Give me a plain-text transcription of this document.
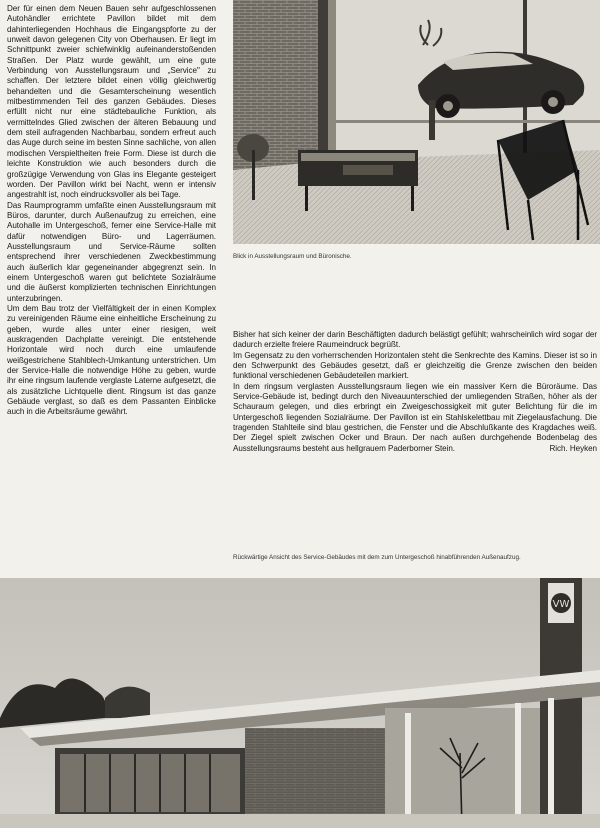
Der für einen dem Neuen Bauen sehr aufgeschlossenen Autohändler errichtete Pavillon bildet mit dem dahinterliegenden Hochhaus die Eingangspforte zu der unweit davon gelegenen City von Oberhausen. Er liegt im Schnittpunkt zweier schiefwinklig aufeinanderstoßenden Straßen. Der Platz wurde gewählt, um eine gute Verbindung von Ausstellungsraum und „Service" zu schaffen. Der letztere bildet einen völlig gleichwertig behandelten und die Gesamterscheinung wesentlich mitbestimmenden Teil des ganzen Gebäudes. Dieses erfüllt nicht nur eine städtebauliche Funktion, als vermittelndes Glied zwischen der älteren Bebauung und dem steil aufragenden Nachbarbau, sondern erfreut auch das Auge durch seine im besten Sinne sachliche, von allen modischen Verspieltheiten freie Form. Diese ist durch die leichte Konstruktion wie auch besonders durch die großzügige Verwendung von Glas ins Elegante gesteigert worden. Der Pavillon wirkt bei Nacht, wenn er intensiv angestrahlt ist, noch eindrucksvoller als bei Tage.

Das Raumprogramm umfaßte einen Ausstellungsraum mit Büros, darunter, durch Außenaufzug zu erreichen, eine Autohalle im Untergeschoß, ferner eine Service-Halle mit dafür notwendigen Büro- und Lagerräumen. Ausstellungsraum und Service-Räume sollten entsprechend ihrer verschiedenen Zweckbestimmung auch äußerlich klar gegeneinander abgegrenzt sein. In einem Untergeschoß waren gut belichtete Sozialräume und die äußerst komplizierten technischen Einrichtungen unterzubringen.

Um dem Bau trotz der Vielfältigkeit der in einen Komplex zu vereinigenden Räume eine einheitliche Erscheinung zu geben, wurde alles unter einer riesigen, weit auskragenden Dachplatte vereinigt. Die entstehende Horizontale wird noch durch eine umlaufende weißgestrichene Stahlblech-Umkantung unterstrichen. Um der Service-Halle die notwendige Höhe zu geben, wurde ihr eine ringsum laufende verglaste Laterne aufgesetzt, die als zusätzliche Lichtquelle dient. Ringsum ist das ganze Gebäude verglast, so daß es dem Passanten Einblicke auch in die Arbeitsräume gewährt.

Blick in Ausstellungsraum und Büronische.

Bisher hat sich keiner der darin Beschäftigten dadurch belästigt gefühlt; wahrscheinlich wird sogar der dadurch erzielte freiere Raumeindruck begrüßt.

Im Gegensatz zu den vorherrschenden Horizontalen steht die Senkrechte des Kamins. Dieser ist so in den Schwerpunkt des Gebäudes gesetzt, daß er gleichzeitig die Grenze zwischen den beiden funktional verschiedenen Gebäudeteilen markiert.

In dem ringsum verglasten Ausstellungsraum liegen wie ein massiver Kern die Büroräume. Das Service-Gebäude ist, bedingt durch den Niveauunterschied der umliegenden Straßen, höher als der Schauraum gelegen, und dies erbringt ein Zweigeschossigkeit mit guter Belichtung für die im Untergeschoß liegenden Sozialräume. Der Pavillon ist ein Stahlskelettbau mit Ziegelausfachung. Die tragenden Stahlteile sind blau gestrichen, die Fenster und die Abschlußkante des Kragdaches weiß. Der Ziegel spielt zwischen Ocker und Braun. Der nach außen durchgehende Bodenbelag des Ausstellungsraums besteht aus hellgrauem Paderborner Stein.	Rich. Heyken

Rückwärtige Ansicht des Service-Gebäudes mit dem zum Untergeschoß hinabführenden Außenaufzug.
VW
